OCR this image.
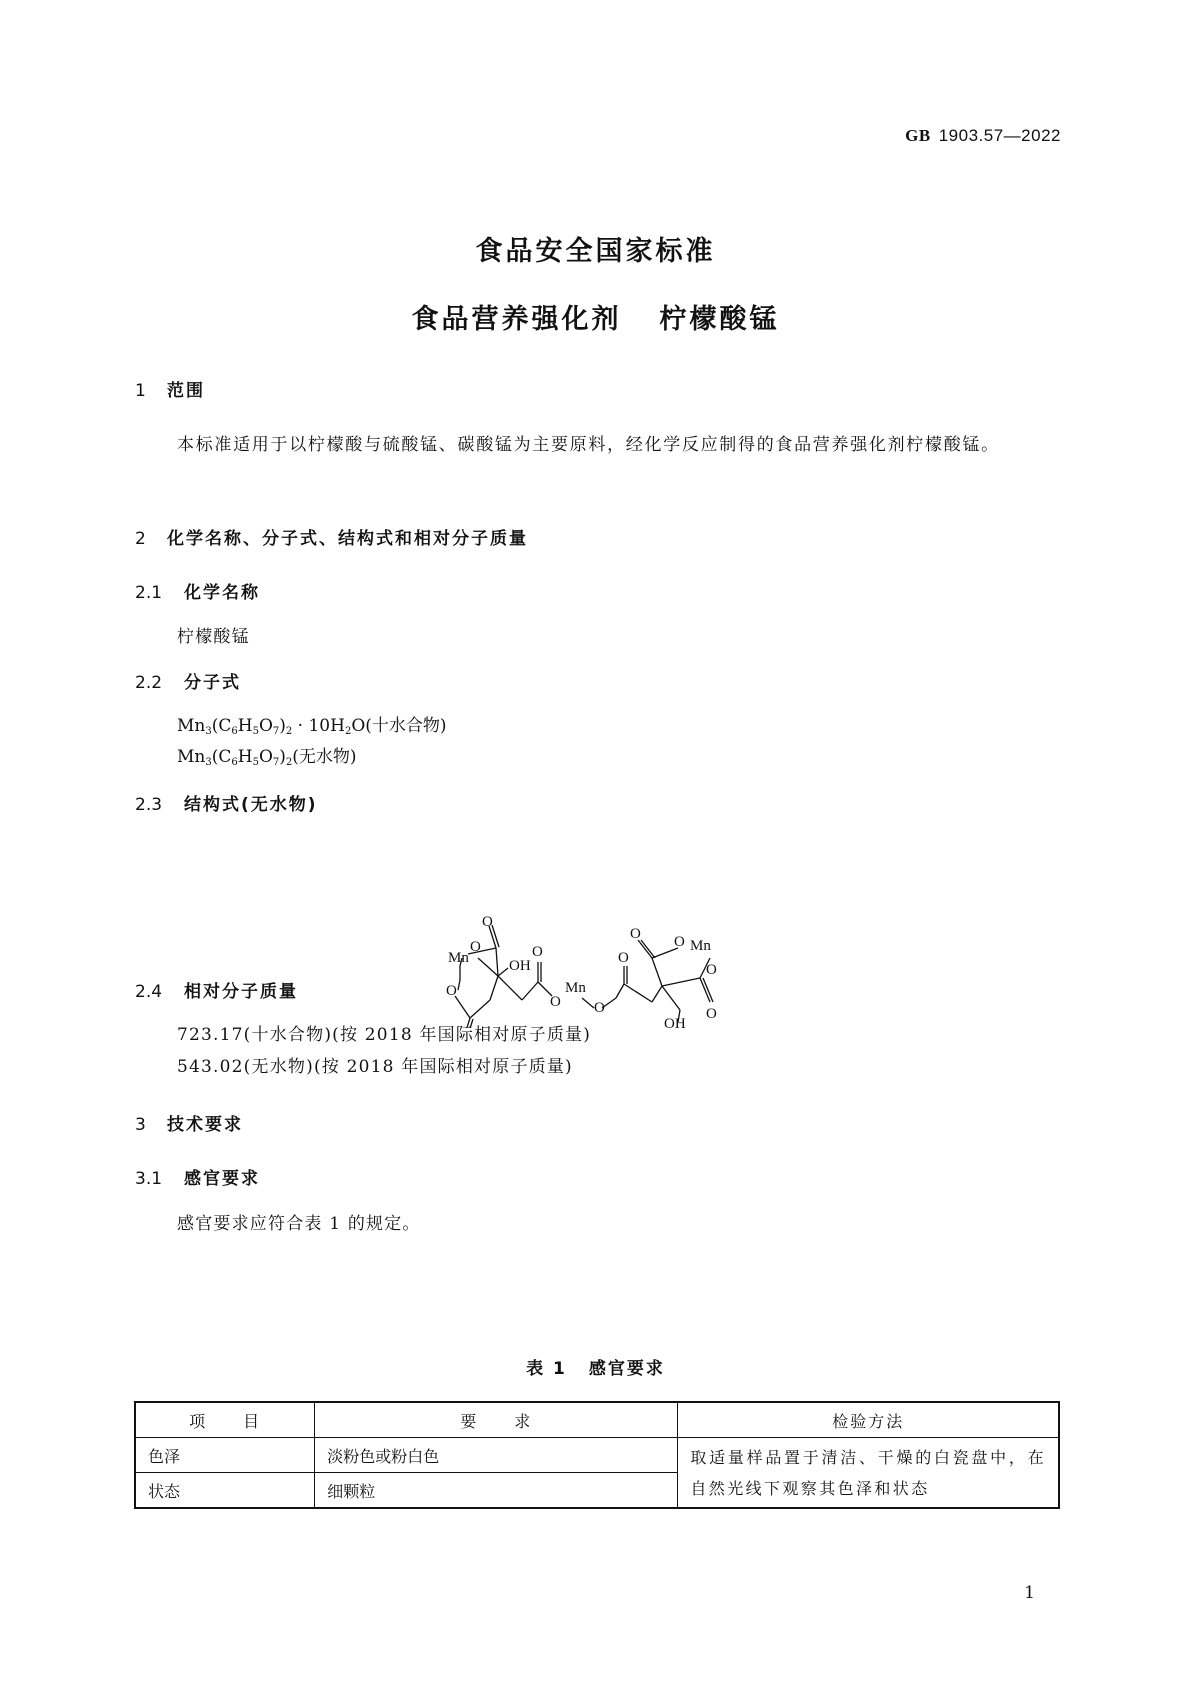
GB 1903.57—2022
食品安全国家标准
食品营养强化剂 柠檬酸锰
1 范围
本标准适用于以柠檬酸与硫酸锰、碳酸锰为主要原料，经化学反应制得的食品营养强化剂柠檬酸锰。
2 化学名称、分子式、结构式和相对分子质量
2.1 化学名称
柠檬酸锰
2.2 分子式
$Mn_3(C_6H_5O_7)_2 \cdot 10H_2O$(十水合物)
$Mn_3(C_6H_5O_7)_2$(无水物)
2.3 结构式(无水物)
Mn
O
O
O
OH
O
O
Mn
O
O
O O Mn
O
O
OH
2.4 相对分子质量
723.17(十水合物)(按 2018 年国际相对原子质量)
543.02(无水物)(按 2018 年国际相对原子质量)
3 技术要求
3.1 感官要求
感官要求应符合表 1 的规定。
表 1 感官要求
项　　目	要　　求	检验方法
色泽	淡粉色或粉白色	取适量样品置于清洁、干燥的白瓷盘中，在自然光线下观察其色泽和状态
状态	细颗粒	
1
